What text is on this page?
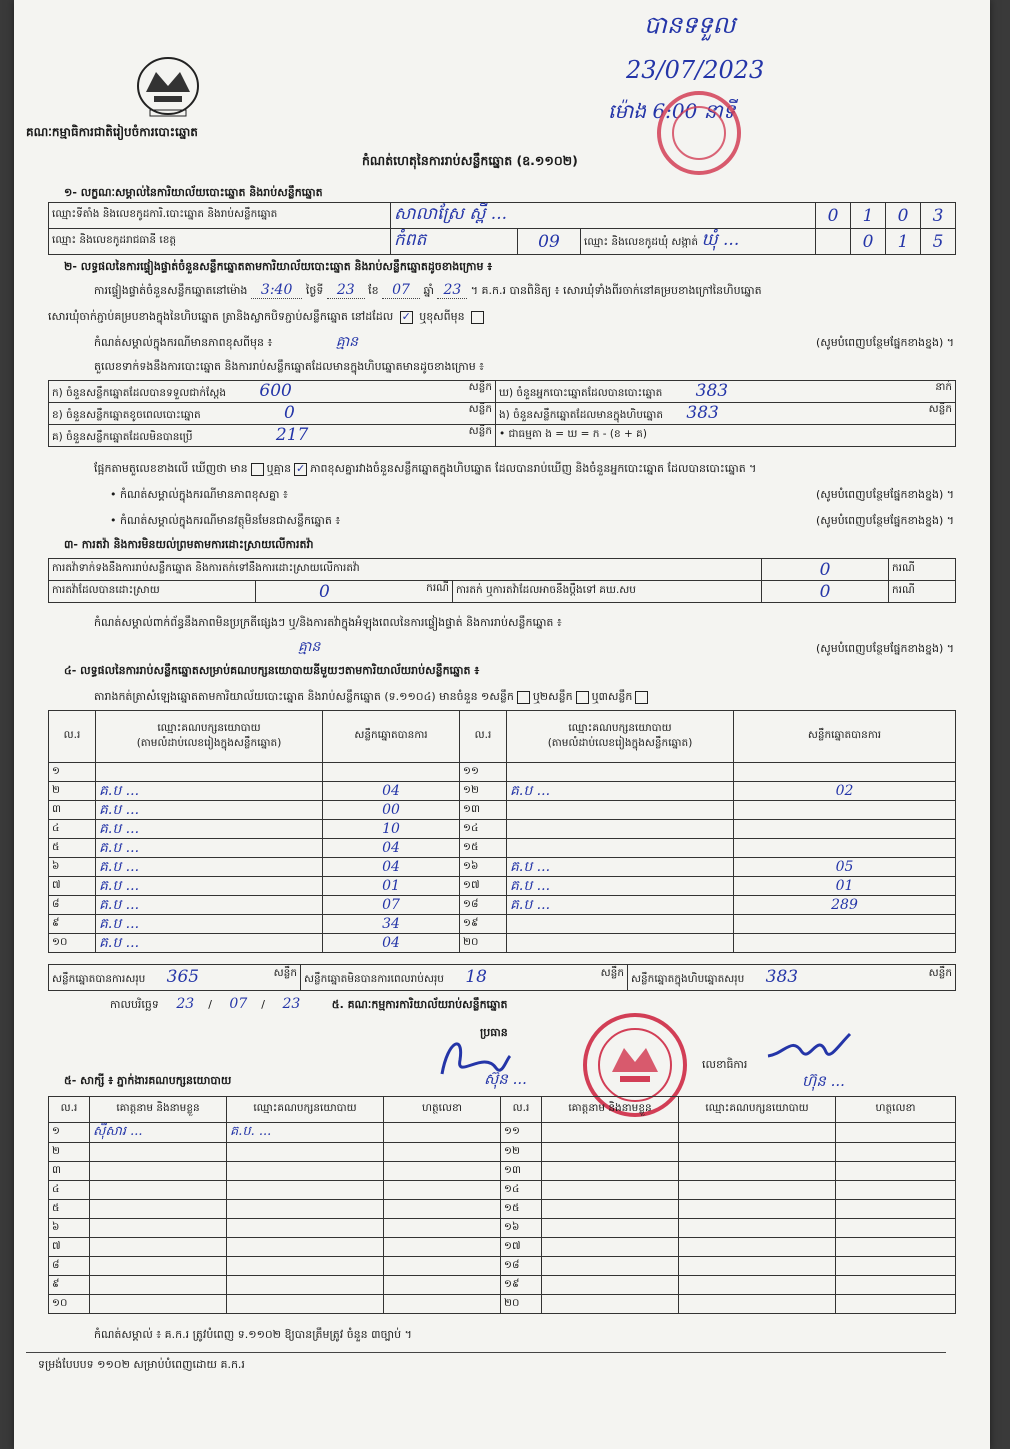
គណៈកម្មាធិការជាតិរៀបចំការបោះឆ្នោត
កំណត់ហេតុនៃការរាប់សន្លឹកឆ្នោត (ឧ.១១០២)
បានទទួល
23/07/2023
ម៉ោង 6:00 នាទី
១- លក្ខណៈសម្គាល់នៃការិយាល័យបោះឆ្នោត និងរាប់សន្លឹកឆ្នោត
ឈ្មោះទីតាំង និងលេខកូដការិ.បោះឆ្នោត និងរាប់សន្លឹកឆ្នោត	សាលាស្រែ ស្ពឺ ...			0	1	0	3
ឈ្មោះ និងលេខកូដរាជធានី ខេត្ត	កំពត	09	ឈ្មោះ និងលេខកូដឃុំ សង្កាត់ ឃុំ ...		0	1	5
២- លទ្ធផលនៃការផ្ទៀងផ្ទាត់ចំនួនសន្លឹកឆ្នោតតាមការិយាល័យបោះឆ្នោត និងរាប់សន្លឹកឆ្នោតដូចខាងក្រោម ៖
ការផ្ទៀងផ្ទាត់ចំនួនសន្លឹកឆ្នោតនៅម៉ោង 3:40 ថ្ងៃទី 23 ខែ 07 ឆ្នាំ 23 ។ គ.ក.រ បានពិនិត្យ ៖ សោរឃុំទាំងពីរចាក់នៅគម្របខាងក្រៅនៃហិបឆ្នោត
សោរឃុំចាក់ភ្ជាប់គម្របខាងក្នុងនៃហិបឆ្នោត ត្រានិងស្លាកបិទភ្ជាប់សន្លឹកឆ្នោត នៅដដែល ✓ ឬខុសពីមុន
កំណត់សម្គាល់ក្នុងករណីមានភាពខុសពីមុន ៖	គ្មាន	(សូមបំពេញបន្ថែមផ្នែកខាងខ្នង) ។
តួលេខទាក់ទងនឹងការបោះឆ្នោត និងការរាប់សន្លឹកឆ្នោតដែលមានក្នុងហិបឆ្នោតមានដូចខាងក្រោម ៖
ក) ចំនួនសន្លឹកឆ្នោតដែលបានទទួលជាក់ស្តែង 600 សន្លឹក	ឃ) ចំនួនអ្នកបោះឆ្នោតដែលបានបោះឆ្នោត 383 នាក់

ខ) ចំនួនសន្លឹកឆ្នោតខូចពេលបោះឆ្នោត 0 សន្លឹក	ង) ចំនួនសន្លឹកឆ្នោតដែលមានក្នុងហិបឆ្នោត 383 សន្លឹក

គ) ចំនួនសន្លឹកឆ្នោតដែលមិនបានប្រើ 217 សន្លឹក	• ជាធម្មតា ង = ឃ = ក - (ខ + គ)
ផ្អែកតាមតួលេខខាងលើ ឃើញថា មាន ឬគ្មាន ✓ ភាពខុសគ្នារវាងចំនួនសន្លឹកឆ្នោតក្នុងហិបឆ្នោត ដែលបានរាប់ឃើញ និងចំនួនអ្នកបោះឆ្នោត ដែលបានបោះឆ្នោត ។
• កំណត់សម្គាល់ក្នុងករណីមានភាពខុសគ្នា ៖	(សូមបំពេញបន្ថែមផ្នែកខាងខ្នង) ។
• កំណត់សម្គាល់ក្នុងករណីមានវត្ថុមិនមែនជាសន្លឹកឆ្នោត ៖	(សូមបំពេញបន្ថែមផ្នែកខាងខ្នង) ។
៣- ការតវ៉ា និងការមិនយល់ព្រមតាមការដោះស្រាយលើការតវ៉ា
ការតវ៉ាទាក់ទងនឹងការរាប់សន្លឹកឆ្នោត និងការតក់ទៅនឹងការដោះស្រាយលើការតវ៉ា			0	ករណី
ការតវ៉ាដែលបានដោះស្រាយ	0 ករណី	ការតក់ ឬការតវ៉ាដែលអាចនឹងប្តឹងទៅ គឃ.សប	0	ករណី
កំណត់សម្គាល់ពាក់ព័ន្ធនឹងភាពមិនប្រក្រតីផ្សេងៗ ឬ/និងការតវ៉ាក្នុងអំឡុងពេលនៃការផ្ទៀងផ្ទាត់ និងការរាប់សន្លឹកឆ្នោត ៖
គ្មាន	(សូមបំពេញបន្ថែមផ្នែកខាងខ្នង) ។
៤- លទ្ធផលនៃការរាប់សន្លឹកឆ្នោតសម្រាប់គណបក្សនយោបាយនីមួយៗតាមការិយាល័យរាប់សន្លឹកឆ្នោត ៖
តារាងកត់ត្រាសំឡេងឆ្នោតតាមការិយាល័យបោះឆ្នោត និងរាប់សន្លឹកឆ្នោត (ទ.១១០៤) មានចំនួន ១សន្លឹក ឬ២សន្លឹក ឬ៣សន្លឹក
ល.រ	ឈ្មោះគណបក្សនយោបាយ
(តាមលំដាប់លេខរៀងក្នុងសន្លឹកឆ្នោត)	សន្លឹកឆ្នោតបានការ	ល.រ	ឈ្មោះគណបក្សនយោបាយ
(តាមលំដាប់លេខរៀងក្នុងសន្លឹកឆ្នោត)	សន្លឹកឆ្នោតបានការ
១			១១		
២	គ.ប ...	04	១២	គ.ប ...	02
៣	គ.ប ...	00	១៣		
៤	គ.ប ...	10	១៤		
៥	គ.ប ...	04	១៥		
៦	គ.ប ...	04	១៦	គ.ប ...	05
៧	គ.ប ...	01	១៧	គ.ប ...	01
៨	គ.ប ...	07	១៨	គ.ប ...	289
៩	គ.ប ...	34	១៩		
១០	គ.ប ...	04	២០		
សន្លឹកឆ្នោតបានការសរុប 365	សន្លឹក	សន្លឹកឆ្នោតមិនបានការពេលរាប់សរុប 18	សន្លឹក	សន្លឹកឆ្នោតក្នុងហិបឆ្នោតសរុប 383	សន្លឹក
កាលបរិច្ឆេទ 23 / 07 / 23	៥. គណៈកម្មការការិយាល័យរាប់សន្លឹកឆ្នោត
ប្រធាន
ស៊ុន ...
លេខាធិការ
ហ៊ុន ...
៥- សាក្សី ៖ ភ្នាក់ងារគណបក្សនយោបាយ
ល.រ	គោត្តនាម និងនាមខ្លួន	ឈ្មោះគណបក្សនយោបាយ	ហត្ថលេខា	ល.រ	គោត្តនាម និងនាមខ្លួន	ឈ្មោះគណបក្សនយោបាយ	ហត្ថលេខា
១	ស៊ីសារ ...	គ.ប. ...		១១			
២				១២			
៣				១៣			
៤				១៤			
៥				១៥			
៦				១៦			
៧				១៧			
៨				១៨			
៩				១៩			
១០				២០			
កំណត់សម្គាល់ ៖ គ.ក.រ ត្រូវបំពេញ ទ.១១០២ ឱ្យបានត្រឹមត្រូវ ចំនួន ៣ច្បាប់ ។
ទម្រង់បែបបទ ១១០២ សម្រាប់បំពេញដោយ គ.ក.រ
